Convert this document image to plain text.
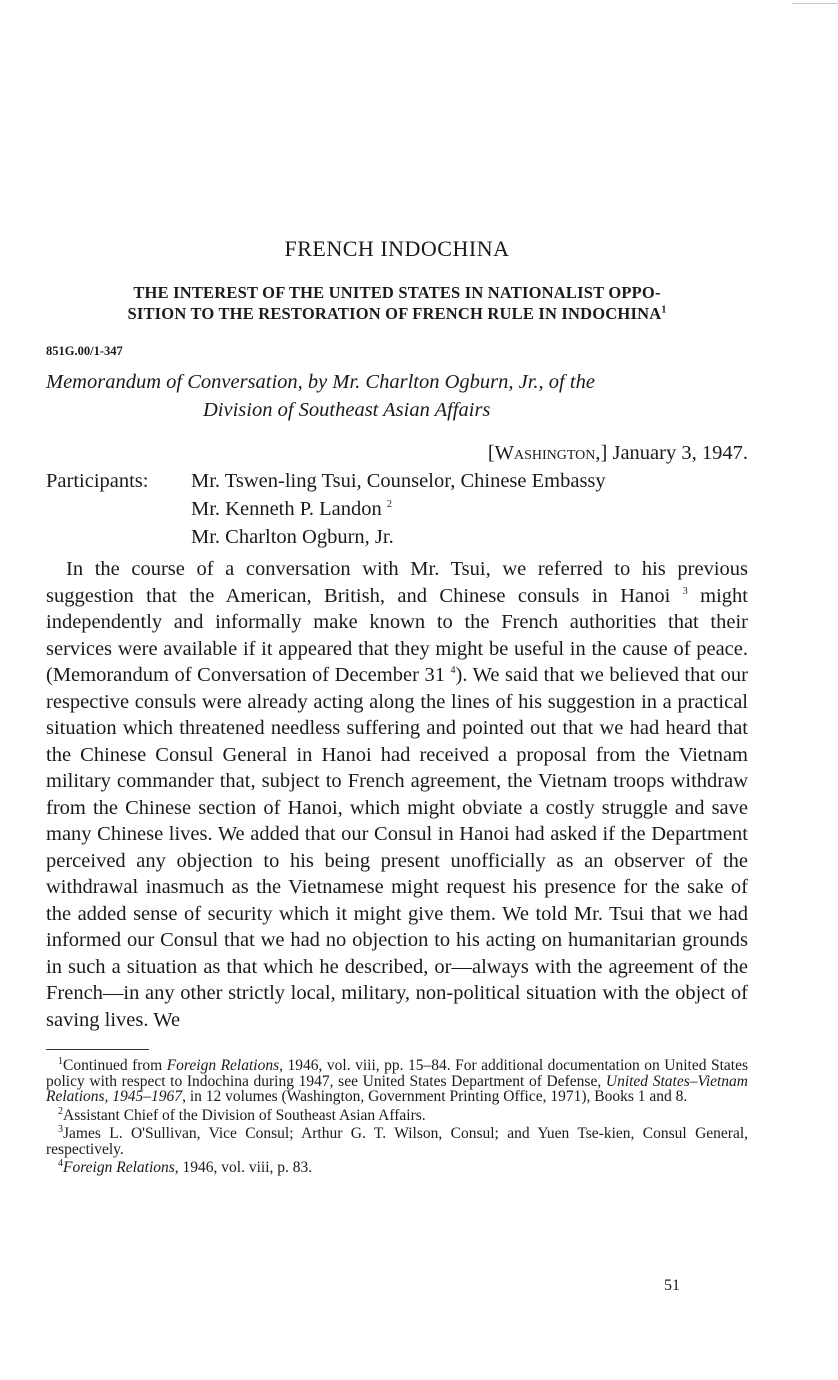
FRENCH INDOCHINA
THE INTEREST OF THE UNITED STATES IN NATIONALIST OPPO-
SITION TO THE RESTORATION OF FRENCH RULE IN INDOCHINA$^1$
851G.00/1-347
Memorandum of Conversation, by Mr. Charlton Ogburn, Jr., of the
Division of Southeast Asian Affairs
[Washington,] January 3, 1947.
Participants:	Mr. Tswen-ling Tsui, Counselor, Chinese Embassy
Mr. Kenneth P. Landon $^2$
Mr. Charlton Ogburn, Jr.

In the course of a conversation with Mr. Tsui, we referred to his previous suggestion that the American, British, and Chinese consuls in Hanoi $^3$ might independently and informally make known to the French authorities that their services were available if it appeared that they might be useful in the cause of peace. (Memorandum of Conversation of December 31 $^4$). We said that we believed that our respective consuls were already acting along the lines of his suggestion in a practical situation which threatened needless suffering and pointed out that we had heard that the Chinese Consul General in Hanoi had received a proposal from the Vietnam military commander that, subject to French agreement, the Vietnam troops withdraw from the Chinese section of Hanoi, which might obviate a costly struggle and save many Chinese lives. We added that our Consul in Hanoi had asked if the Department perceived any objection to his being present unofficially as an observer of the withdrawal inasmuch as the Vietnamese might request his presence for the sake of the added sense of security which it might give them. We told Mr. Tsui that we had informed our Consul that we had no objection to his acting on humanitarian grounds in such a situation as that which he described, or—always with the agreement of the French—in any other strictly local, military, non-political situation with the object of saving lives. We

$^1$Continued from Foreign Relations, 1946, vol. viii, pp. 15–84. For additional documentation on United States policy with respect to Indochina during 1947, see United States Department of Defense, United States–Vietnam Relations, 1945–1967, in 12 volumes (Washington, Government Printing Office, 1971), Books 1 and 8.

$^2$Assistant Chief of the Division of Southeast Asian Affairs.

$^3$James L. O'Sullivan, Vice Consul; Arthur G. T. Wilson, Consul; and Yuen Tse-kien, Consul General, respectively.

$^4$Foreign Relations, 1946, vol. viii, p. 83.

51
